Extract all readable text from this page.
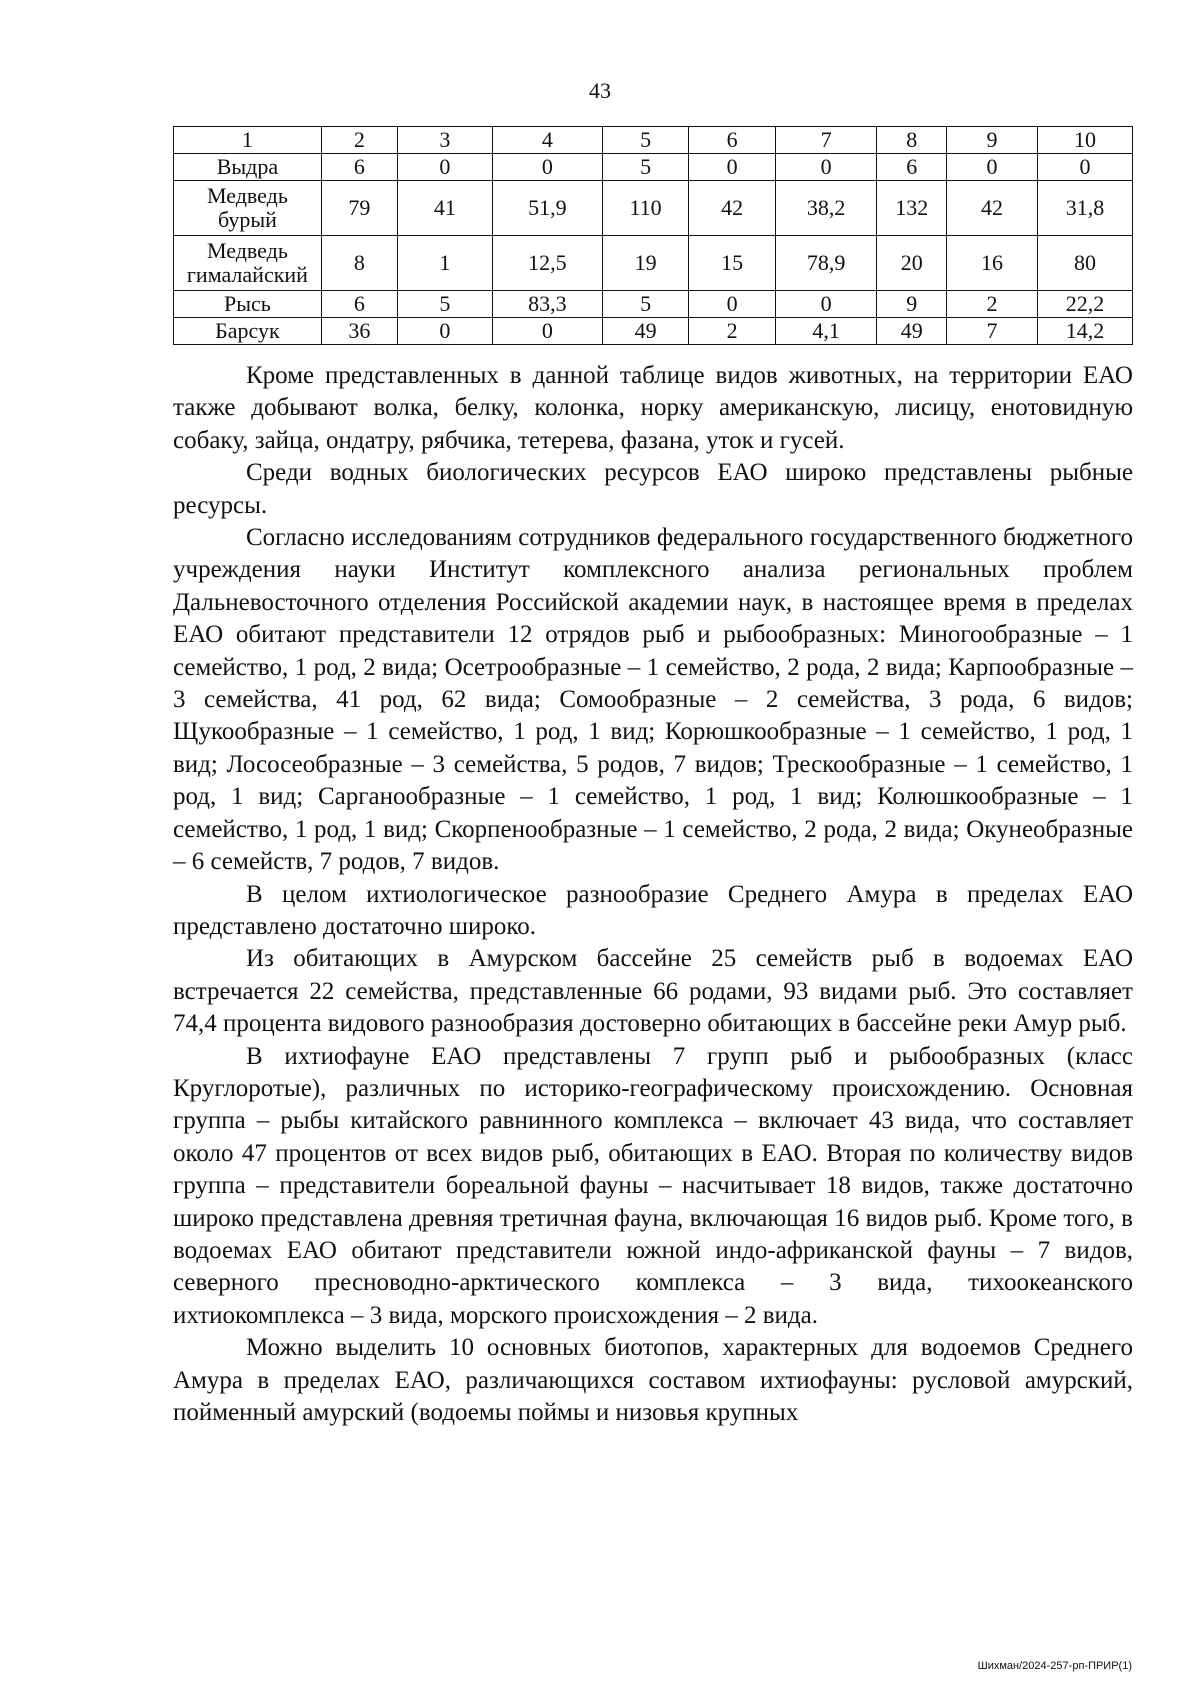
43
1	2	3	4	5	6	7	8	9	10
Выдра	6	0	0	5	0	0	6	0	0
Медведь бурый	79	41	51,9	110	42	38,2	132	42	31,8
Медведь гималайский	8	1	12,5	19	15	78,9	20	16	80
Рысь	6	5	83,3	5	0	0	9	2	22,2
Барсук	36	0	0	49	2	4,1	49	7	14,2

Кроме представленных в данной таблице видов животных, на территории ЕАО также добывают волка, белку, колонка, норку американскую, лисицу, енотовидную собаку, зайца, ондатру, рябчика, тетерева, фазана, уток и гусей.

Среди водных биологических ресурсов ЕАО широко представлены рыбные ресурсы.

Согласно исследованиям сотрудников федерального государственного бюджетного учреждения науки Институт комплексного анализа региональных проблем Дальневосточного отделения Российской академии наук, в настоящее время в пределах ЕАО обитают представители 12 отрядов рыб и рыбообразных: Миногообразные – 1 семейство, 1 род, 2 вида; Осетрообразные – 1 семейство, 2 рода, 2 вида; Карпообразные – 3 семейства, 41 род, 62 вида; Сомообразные – 2 семейства, 3 рода, 6 видов; Щукообразные – 1 семейство, 1 род, 1 вид; Корюшкообразные – 1 семейство, 1 род, 1 вид; Лососеобразные – 3 семейства, 5 родов, 7 видов; Трескообразные – 1 семейство, 1 род, 1 вид; Сарганообразные – 1 семейство, 1 род, 1 вид; Колюшкообразные – 1 семейство, 1 род, 1 вид; Скорпенообразные – 1 семейство, 2 рода, 2 вида; Окунеобразные – 6 семейств, 7 родов, 7 видов.

В целом ихтиологическое разнообразие Среднего Амура в пределах ЕАО представлено достаточно широко.

Из обитающих в Амурском бассейне 25 семейств рыб в водоемах ЕАО встречается 22 семейства, представленные 66 родами, 93 видами рыб. Это составляет 74,4 процента видового разнообразия достоверно обитающих в бассейне реки Амур рыб.

В ихтиофауне ЕАО представлены 7 групп рыб и рыбообразных (класс Круглоротые), различных по историко-географическому происхождению. Основная группа – рыбы китайского равнинного комплекса – включает 43 вида, что составляет около 47 процентов от всех видов рыб, обитающих в ЕАО. Вторая по количеству видов группа – представители бореальной фауны – насчитывает 18 видов, также достаточно широко представлена древняя третичная фауна, включающая 16 видов рыб. Кроме того, в водоемах ЕАО обитают представители южной индо-африканской фауны – 7 видов, северного пресноводно-арктического комплекса – 3 вида, тихоокеанского ихтиокомплекса – 3 вида, морского происхождения – 2 вида.

Можно выделить 10 основных биотопов, характерных для водоемов Среднего Амура в пределах ЕАО, различающихся составом ихтиофауны: русловой амурский, пойменный амурский (водоемы поймы и низовья крупных

Шихман/2024-257-рп-ПРИР(1)
